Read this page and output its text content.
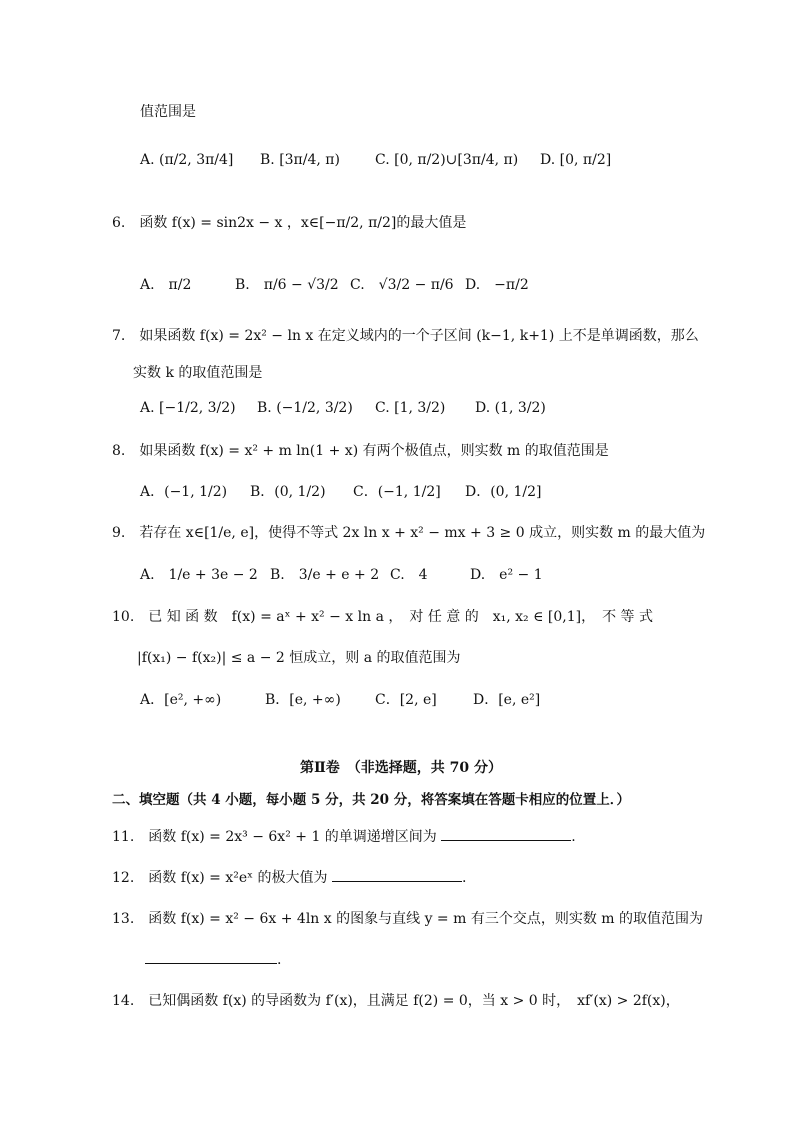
值范围是
A. (π/2, 3π/4] B. [3π/4, π)	C. [0, π/2)∪[3π/4, π) D. [0, π/2]
6.　函数 f(x) = sin2x − x ，x∈[−π/2, π/2]的最大值是
A.　π/2	B.　π/6 − √3/2 C.　√3/2 − π/6 D.　−π/2
7.　如果函数 f(x) = 2x² − ln x 在定义域内的一个子区间 (k−1, k+1) 上不是单调函数，那么
实数 k 的取值范围是
A. [−1/2, 3/2) B. (−1/2, 3/2) C. [1, 3/2) D. (1, 3/2)
8.　如果函数 f(x) = x² + m ln(1 + x) 有两个极值点，则实数 m 的取值范围是
A．(−1, 1/2) B．(0, 1/2) C．(−1, 1/2] D．(0, 1/2]
9.　若存在 x∈[1/e, e]，使得不等式 2x ln x + x² − mx + 3 ≥ 0 成立，则实数 m 的最大值为
A.　1/e + 3e − 2 B.　3/e + e + 2 C.　4	D.　e² − 1
10.　已 知 函 数　f(x) = aˣ + x² − x ln a ，　对 任 意 的　x₁, x₂ ∈ [0,1]，　不 等 式
|f(x₁) − f(x₂)| ≤ a − 2 恒成立，则 a 的取值范围为
A．[e², +∞)	B．[e, +∞) C．[2, e]	D．[e, e²]
第Ⅱ卷　（非选择题，共 70 分）
二、填空题（共 4 小题，每小题 5 分，共 20 分，将答案填在答题卡相应的位置上．）
11.　函数 f(x) = 2x³ − 6x² + 1 的单调递增区间为	.
12.　函数 f(x) = x²eˣ 的极大值为	.
13.　函数 f(x) = x² − 6x + 4ln x 的图象与直线 y = m 有三个交点，则实数 m 的取值范围为
.
14.　已知偶函数 f(x) 的导函数为 f′(x)，且满足 f(2) = 0，当 x > 0 时，　xf′(x) > 2f(x)，
